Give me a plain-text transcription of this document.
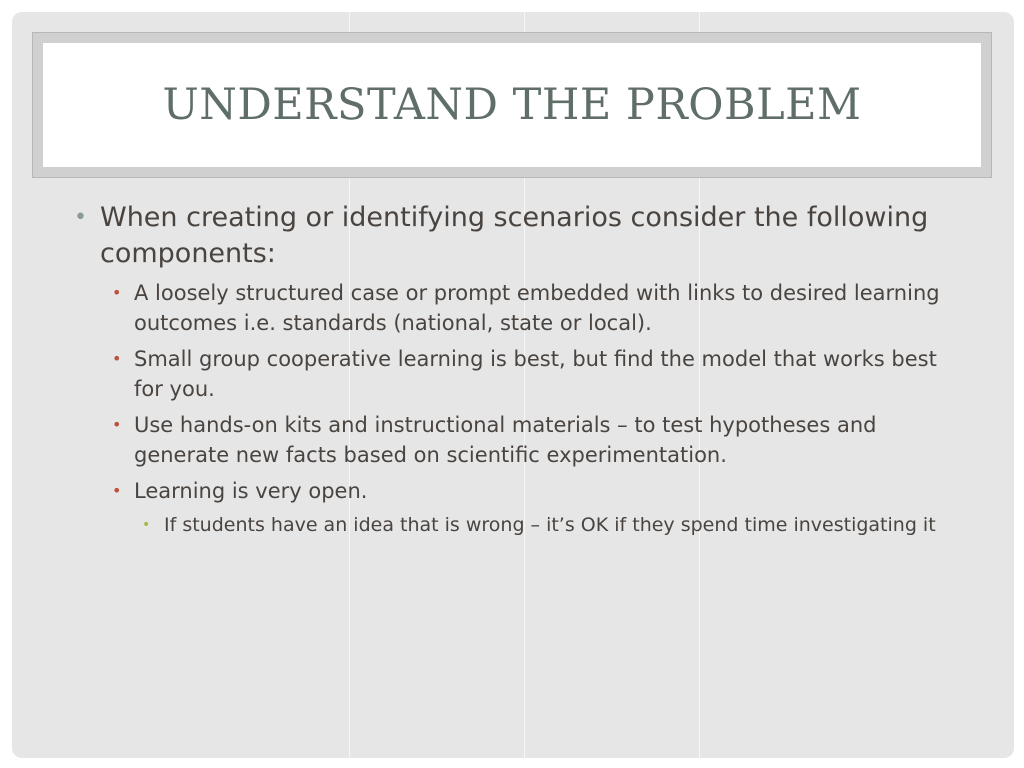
UNDERSTAND THE PROBLEM
• When creating or identifying scenarios consider the following components:
• A loosely structured case or prompt embedded with links to desired learning outcomes i.e. standards (national, state or local).
• Small group cooperative learning is best, but find the model that works best for you.
• Use hands-on kits and instructional materials – to test hypotheses and generate new facts based on scientific experimentation.
• Learning is very open.
• If students have an idea that is wrong – it’s OK if they spend time investigating it
